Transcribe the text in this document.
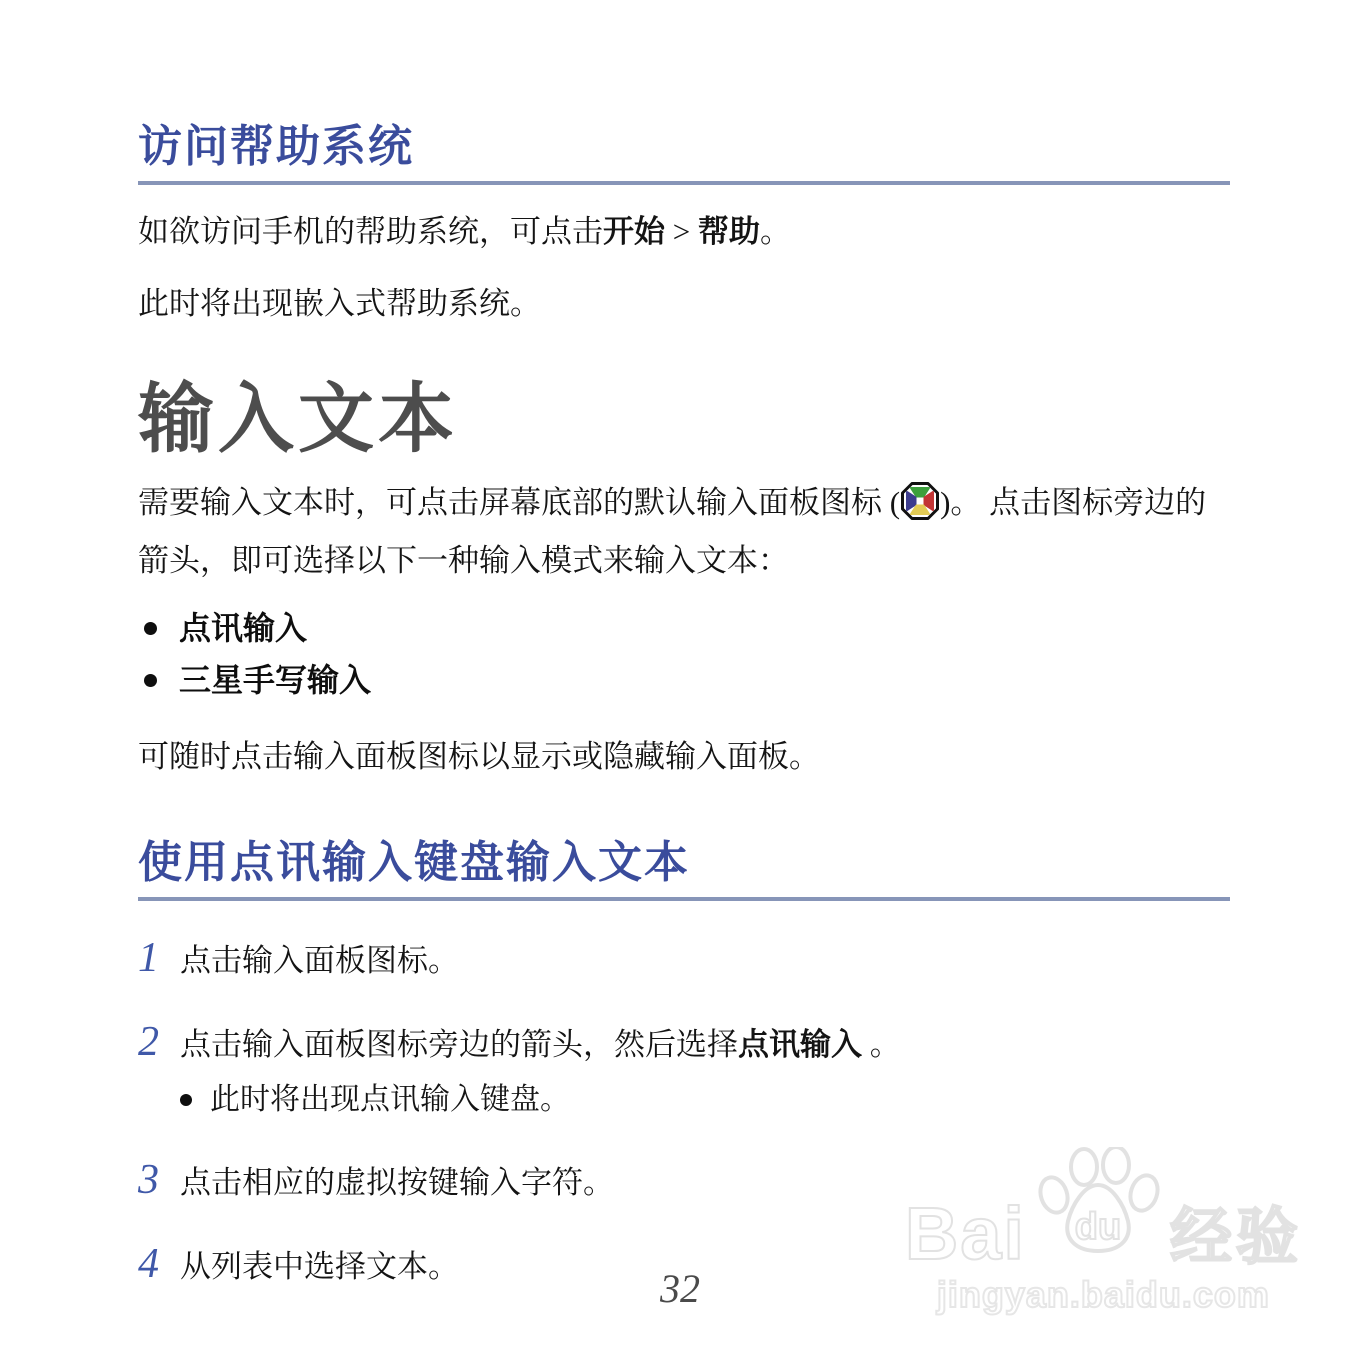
访问帮助系统

如欲访问手机的帮助系统，可点击开始 > 帮助。

此时将出现嵌入式帮助系统。

输入文本

需要输入文本时，可点击屏幕底部的默认输入面板图标 ( )。 点击图标旁边的箭头，即可选择以下一种输入模式来输入文本：

点讯输入
三星手写输入

可随时点击输入面板图标以显示或隐藏输入面板。

使用点讯输入键盘输入文本
1 点击输入面板图标。
2 点击输入面板图标旁边的箭头，然后选择点讯输入 。
此时将出现点讯输入键盘。
3 点击相应的虚拟按键输入字符。
4 从列表中选择文本。	32
Bai du 经验
jingyan.baidu.com
